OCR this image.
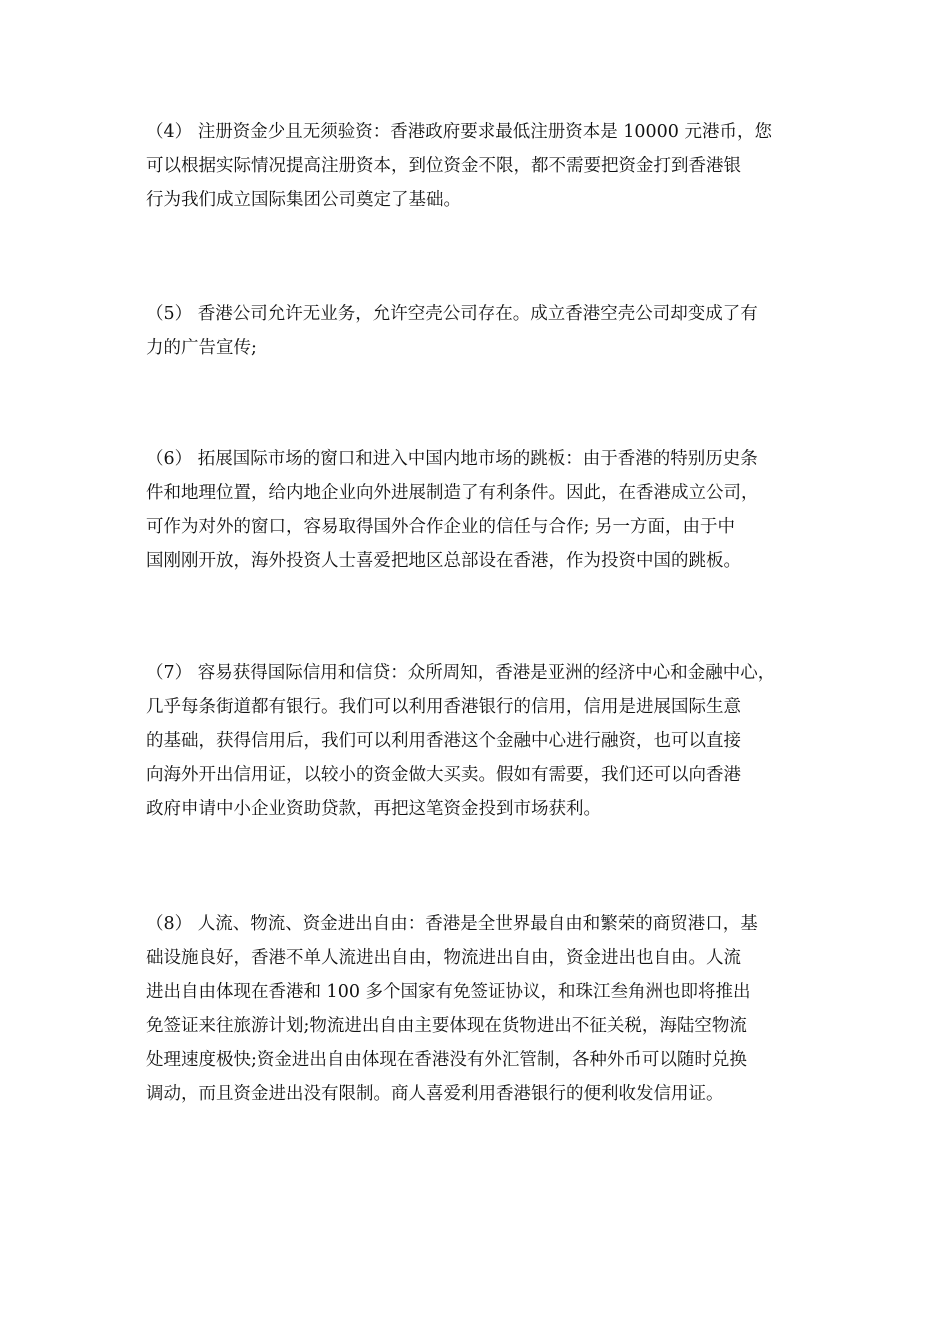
（4） 注册资金少且无须验资：香港政府要求最低注册资本是 10000 元港币，您
可以根据实际情况提高注册资本，到位资金不限，都不需要把资金打到香港银
行为我们成立国际集团公司奠定了基础。
（5） 香港公司允许无业务，允许空壳公司存在。成立香港空壳公司却变成了有
力的广告宣传;
（6） 拓展国际市场的窗口和进入中国内地市场的跳板：由于香港的特别历史条
件和地理位置，给内地企业向外进展制造了有利条件。因此，在香港成立公司，
可作为对外的窗口，容易取得国外合作企业的信任与合作; 另一方面，由于中
国刚刚开放，海外投资人士喜爱把地区总部设在香港，作为投资中国的跳板。
（7） 容易获得国际信用和信贷：众所周知，香港是亚洲的经济中心和金融中心，
几乎每条街道都有银行。我们可以利用香港银行的信用，信用是进展国际生意
的基础，获得信用后，我们可以利用香港这个金融中心进行融资，也可以直接
向海外开出信用证，以较小的资金做大买卖。假如有需要，我们还可以向香港
政府申请中小企业资助贷款，再把这笔资金投到市场获利。
（8） 人流、物流、资金进出自由：香港是全世界最自由和繁荣的商贸港口，基
础设施良好，香港不单人流进出自由，物流进出自由，资金进出也自由。人流
进出自由体现在香港和 100 多个国家有免签证协议，和珠江叁角洲也即将推出
免签证来往旅游计划;物流进出自由主要体现在货物进出不征关税，海陆空物流
处理速度极快;资金进出自由体现在香港没有外汇管制，各种外币可以随时兑换
调动，而且资金进出没有限制。商人喜爱利用香港银行的便利收发信用证。
